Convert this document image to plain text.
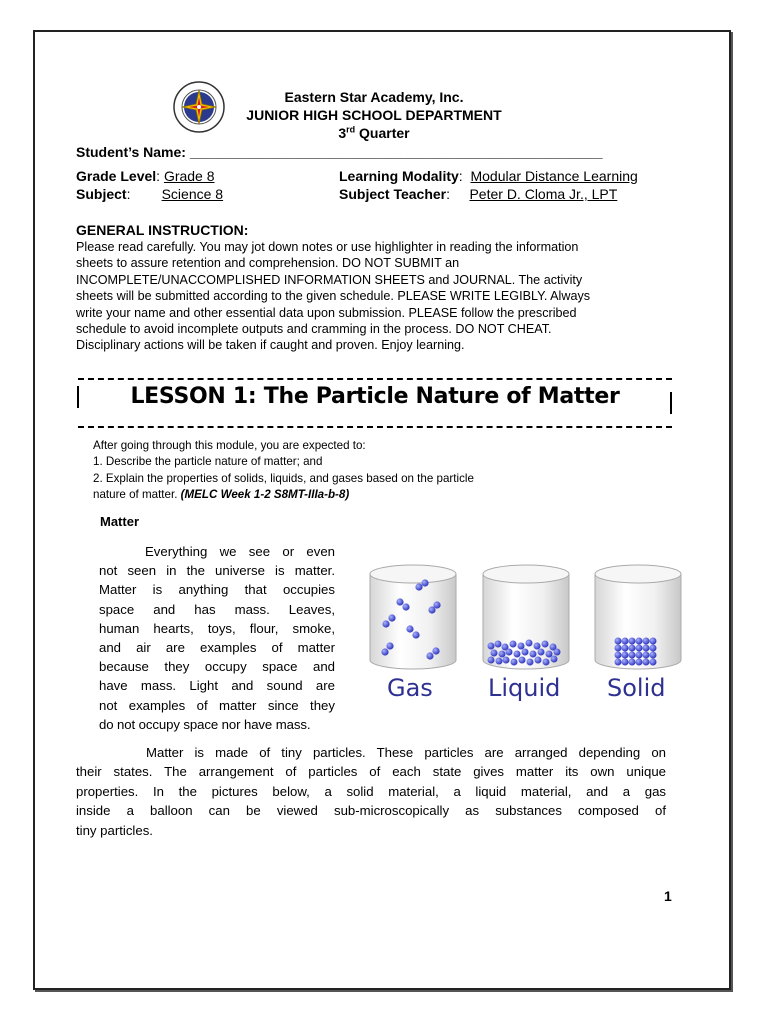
Eastern Star Academy, Inc.
JUNIOR HIGH SCHOOL DEPARTMENT
3rd Quarter
Student’s Name: _____________________________________________________
Grade Level: Grade 8	Learning Modality:  Modular Distance Learning
Subject:        Science 8	Subject Teacher:     Peter D. Cloma Jr., LPT
GENERAL INSTRUCTION:
Please read carefully. You may jot down notes or use highlighter in reading the information
sheets to assure retention and comprehension. DO NOT SUBMIT an
INCOMPLETE/UNACCOMPLISHED INFORMATION SHEETS and JOURNAL. The activity
sheets will be submitted according to the given schedule. PLEASE WRITE LEGIBLY. Always
write your name and other essential data upon submission. PLEASE follow the prescribed
schedule to avoid incomplete outputs and cramming in the process. DO NOT CHEAT.
Disciplinary actions will be taken if caught and proven. Enjoy learning.
LESSON 1: The Particle Nature of Matter
After going through this module, you are expected to:
1. Describe the particle nature of matter; and
2. Explain the properties of solids, liquids, and gases based on the particle
nature of matter. (MELC Week 1-2 S8MT-IIIa-b-8)
Matter
Everything we see or even
not seen in the universe is matter.
Matter is anything that occupies
space and has mass. Leaves,
human hearts, toys, flour, smoke,
and air are examples of matter
because they occupy space and
have mass. Light and sound are
not examples of matter since they
do not occupy space nor have mass.
Gas Liquid Solid
Matter is made of tiny particles. These particles are arranged depending on
their states. The arrangement of particles of each state gives matter its own unique
properties. In the pictures below, a solid material, a liquid material, and a gas
inside a balloon can be viewed sub-microscopically as substances composed of
tiny particles.
1
